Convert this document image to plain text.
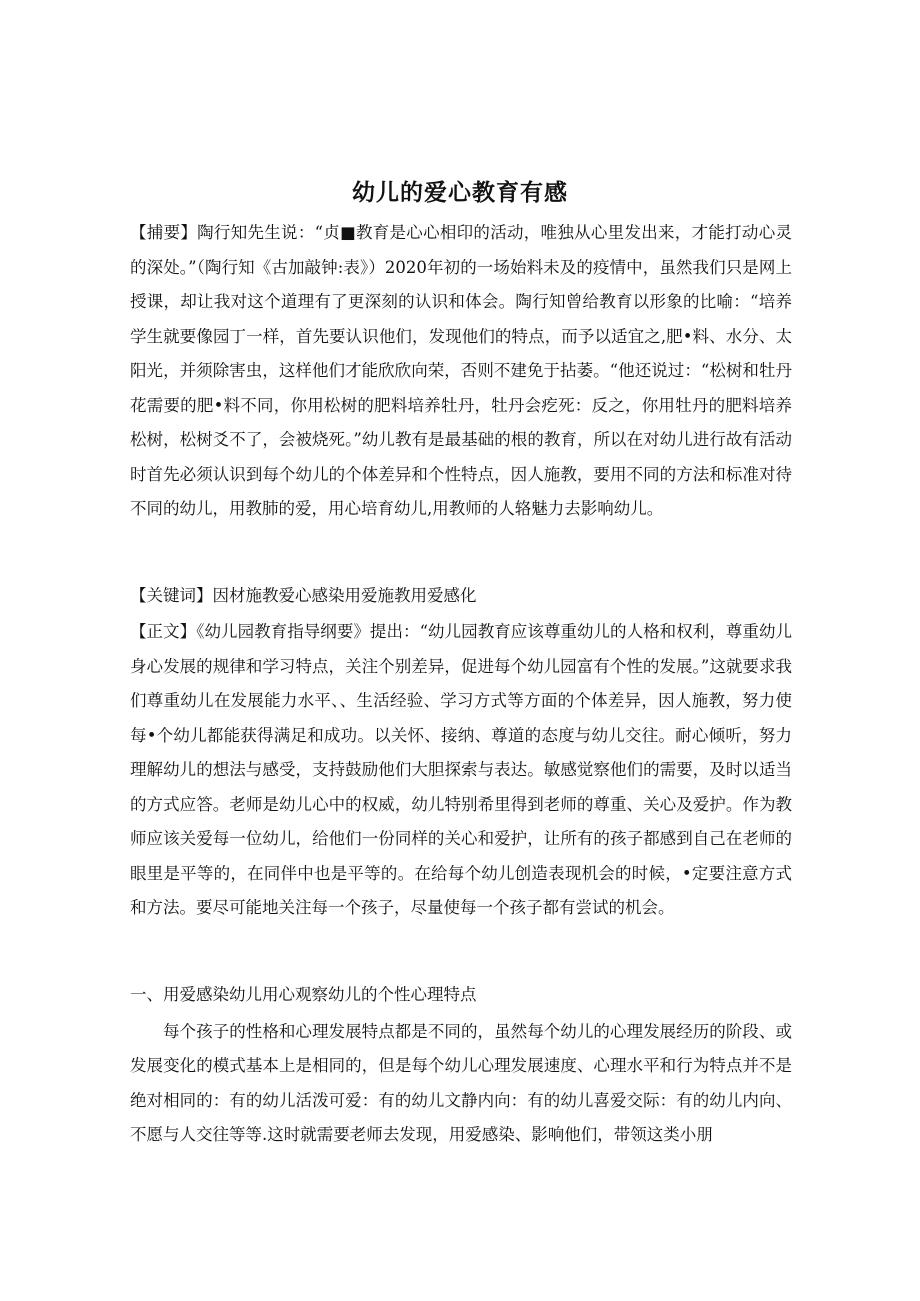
幼儿的爱心教育有感

【捕要】陶行知先生说：“贞■教育是心心相印的活动，唯独从心里发出来，才能打动心灵的深处。”（陶行知《古加敲钟:表》）2020年初的一场始料未及的疫情中，虽然我们只是网上授课，却让我对这个道理有了更深刻的认识和体会。陶行知曾给教育以形象的比喻：“培养学生就要像园丁一样，首先要认识他们，发现他们的特点，而予以适宜之,肥•料、水分、太阳光，并须除害虫，这样他们才能欣欣向荣，否则不建免于拈萎。“他还说过：“松树和牡丹花需要的肥•料不同，你用松树的肥料培养牡丹，牡丹会疙死：反之，你用牡丹的肥料培养松树，松树爻不了，会被烧死。”幼儿教有是最基础的根的教育，所以在对幼儿进行故有活动时首先必须认识到每个幼儿的个体差异和个性特点，因人施教，要用不同的方法和标准对待不同的幼儿，用教肺的爱，用心培育幼儿,用教师的人辂魅力去影响幼儿。

【关键词】因材施教爱心感染用爱施教用爱感化

【正文】《幼儿园教育指导纲要》提出：“幼儿园教育应该尊重幼儿的人格和权利，尊重幼儿身心发展的规律和学习特点，关注个别差异，促进每个幼儿园富有个性的发展。”这就要求我们尊重幼儿在发展能力水平、、生活经验、学习方式等方面的个体差异，因人施教，努力使每•个幼儿都能获得满足和成功。以关怀、接纳、尊道的态度与幼儿交往。耐心倾听，努力理解幼儿的想法与感受，支持鼓励他们大胆探索与表达。敏感觉察他们的需要，及时以适当的方式应答。老师是幼儿心中的权威，幼儿特别希里得到老师的尊重、关心及爱护。作为教师应该关爱每一位幼儿，给他们一份同样的关心和爱护，让所有的孩子都感到自己在老师的眼里是平等的，在同伴中也是平等的。在给每个幼儿创造表现机会的时候，•定要注意方式和方法。要尽可能地关注每一个孩子，尽量使每一个孩子都有尝试的机会。

一、用爱感染幼儿用心观察幼儿的个性心理特点

每个孩子的性格和心理发展特点都是不同的，虽然每个幼儿的心理发展经历的阶段、或发展变化的模式基本上是相同的，但是每个幼儿心理发展速度、心理水平和行为特点并不是绝对相同的：有的幼儿活泼可爱：有的幼儿文静内向：有的幼儿喜爱交际：有的幼儿内向、不愿与人交往等等.这时就需要老师去发现，用爱感染、影响他们，带领这类小朋
